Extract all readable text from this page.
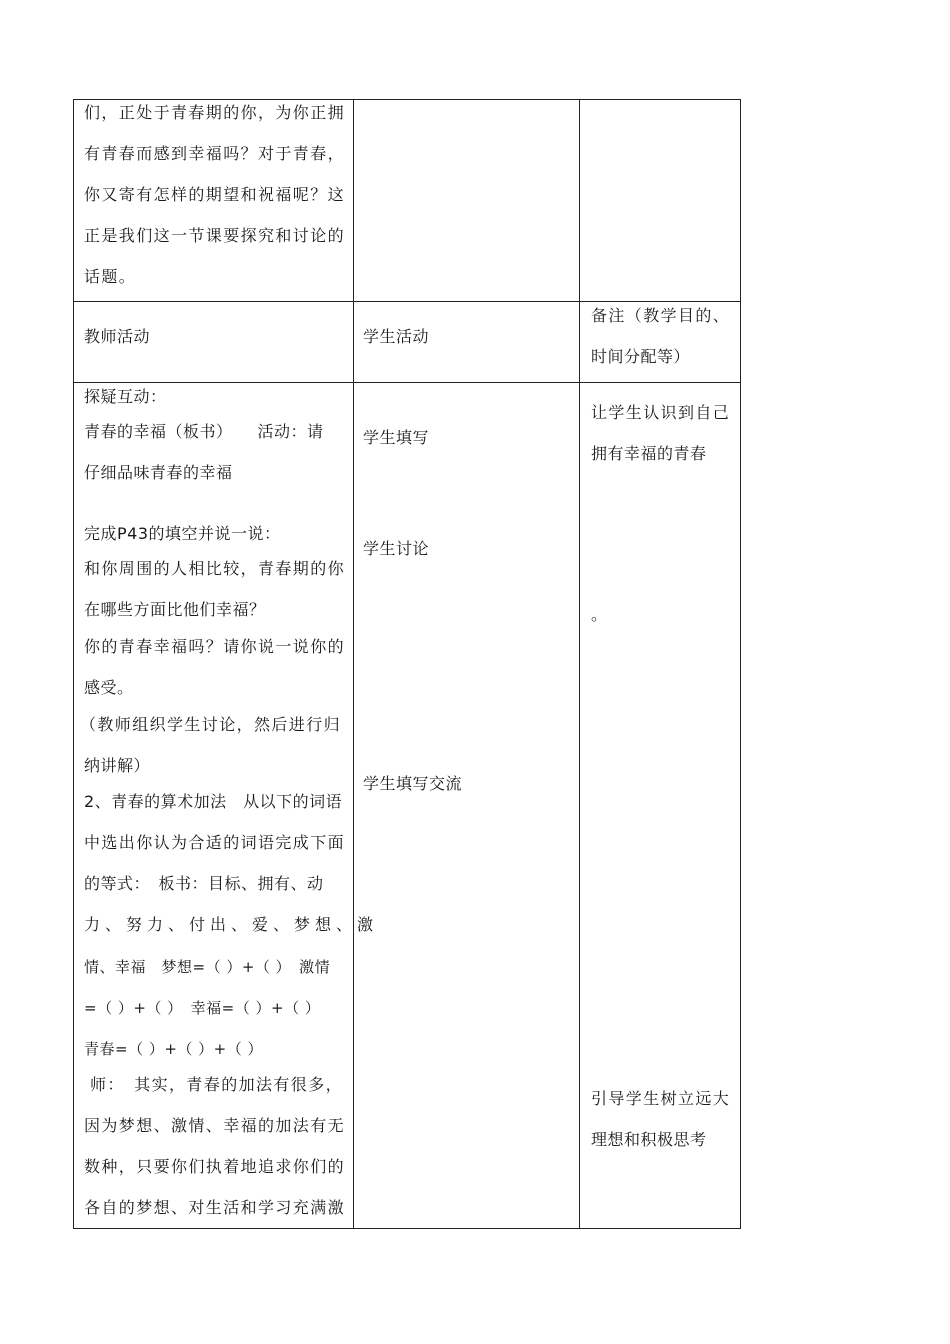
们，正处于青春期的你，为你正拥
有青春而感到幸福吗？对于青春，
你又寄有怎样的期望和祝福呢？这
正是我们这一节课要探究和讨论的
话题。
教师活动	学生活动
备注（教学目的、
时间分配等）
探疑互动：
青春的幸福（板书）　　活动：请
仔细品味青春的幸福
完成P43的填空并说一说：
和你周围的人相比较，青春期的你
在哪些方面比他们幸福？
你的青春幸福吗？请你说一说你的
感受。
（教师组织学生讨论，然后进行归
纳讲解）
2、青春的算术加法　从以下的词语
中选出你认为合适的词语完成下面
的等式：　板书：目标、拥有、动
力、努力、付出、爱、梦想、激
情、幸福　梦想=（ ）+（ ）　激情
=（ ）+（ ）　幸福=（ ）+（ ）
青春=（ ）+（ ）+（ ）
师：　其实，青春的加法有很多，
因为梦想、激情、幸福的加法有无
数种，只要你们执着地追求你们的
各自的梦想、对生活和学习充满激
学生填写
学生讨论
学生填写交流
让学生认识到自己
拥有幸福的青春
。
引导学生树立远大
理想和积极思考
